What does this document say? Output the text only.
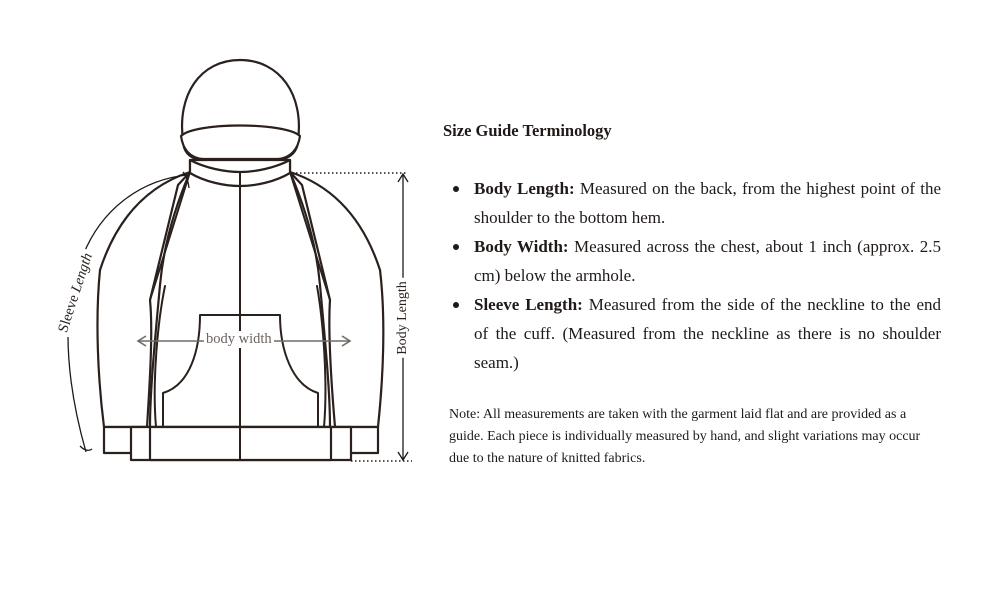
body width	Body Length
Sleeve Length
Size Guide Terminology
Body Length: Measured on the back, from the highest point of the shoulder to the bottom hem.
Body Width: Measured across the chest, about 1 inch (approx. 2.5 cm) below the armhole.
Sleeve Length: Measured from the side of the neckline to the end of the cuff. (Measured from the neckline as there is no shoulder seam.)
Note: All measurements are taken with the garment laid flat and are provided as a guide. Each piece is individually measured by hand, and slight variations may occur due to the nature of knitted fabrics.
